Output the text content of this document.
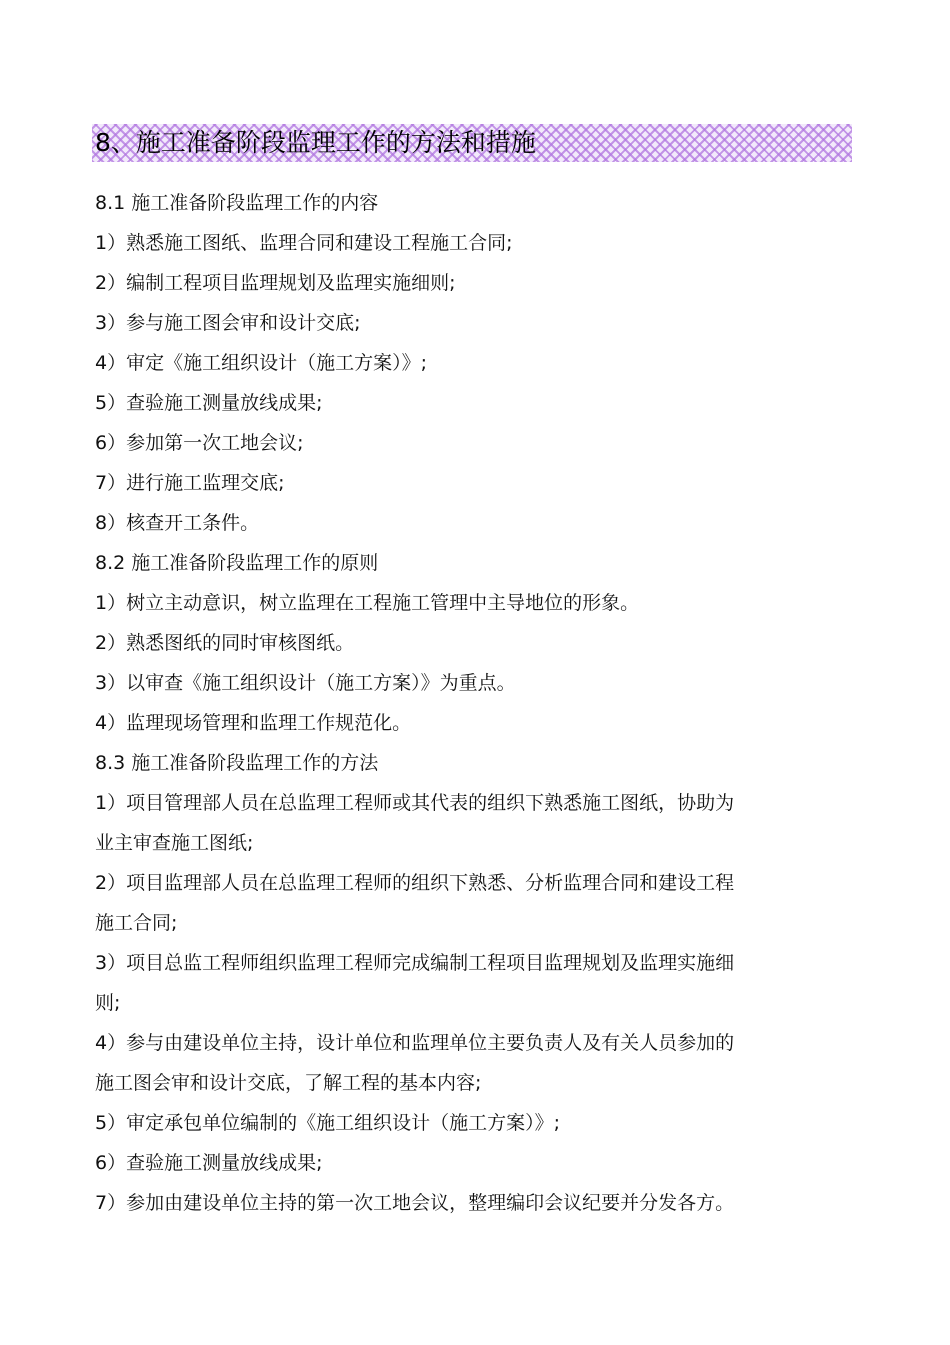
8、施工准备阶段监理工作的方法和措施
8.1 施工准备阶段监理工作的内容
1）熟悉施工图纸、监理合同和建设工程施工合同;
2）编制工程项目监理规划及监理实施细则;
3）参与施工图会审和设计交底;
4）审定《施工组织设计（施工方案）》;
5）查验施工测量放线成果;
6）参加第一次工地会议;
7）进行施工监理交底;
8）核查开工条件。
8.2 施工准备阶段监理工作的原则
1）树立主动意识，树立监理在工程施工管理中主导地位的形象。
2）熟悉图纸的同时审核图纸。
3）以审查《施工组织设计（施工方案）》为重点。
4）监理现场管理和监理工作规范化。
8.3 施工准备阶段监理工作的方法
1）项目管理部人员在总监理工程师或其代表的组织下熟悉施工图纸，协助为
业主审查施工图纸;
2）项目监理部人员在总监理工程师的组织下熟悉、分析监理合同和建设工程
施工合同;
3）项目总监工程师组织监理工程师完成编制工程项目监理规划及监理实施细
则;
4）参与由建设单位主持，设计单位和监理单位主要负责人及有关人员参加的
施工图会审和设计交底，了解工程的基本内容;
5）审定承包单位编制的《施工组织设计（施工方案）》;
6）查验施工测量放线成果;
7）参加由建设单位主持的第一次工地会议，整理编印会议纪要并分发各方。
